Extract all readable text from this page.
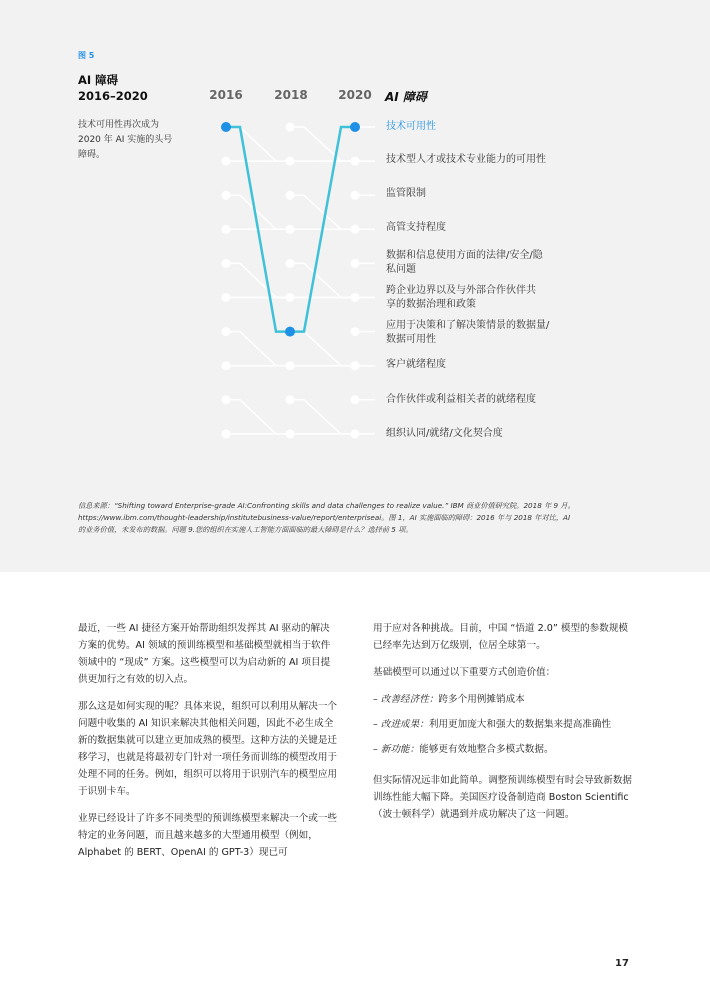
图 5
AI 障碍
2016–2020
技术可用性再次成为 2020 年 AI 实施的头号障碍。
2016	2018	2020	AI 障碍
技术可用性
技术型人才或技术专业能力的可用性
监管限制
高管支持程度
数据和信息使用方面的法律/安全/隐私问题
跨企业边界以及与外部合作伙伴共享的数据治理和政策
应用于决策和了解决策情景的数据量/数据可用性
客户就绪程度
合作伙伴或利益相关者的就绪程度
组织认同/就绪/文化契合度
信息来源：“Shifting toward Enterprise-grade AI:Confronting skills and data challenges to realize value.” IBM 商业价值研究院。2018 年 9 月。 https://www.ibm.com/thought-leadership/institutebusiness-value/report/enterpriseai。图 1，AI 实施面临的障碍：2016 年与 2018 年对比，AI 的业务价值，未发布的数据。问题 9.您的组织在实施人工智能方面面临的最大障碍是什么？选择前 5 项。

最近，一些 AI 捷径方案开始帮助组织发挥其 AI 驱动的解决方案的优势。AI 领域的预训练模型和基础模型就相当于软件领域中的 “现成” 方案。这些模型可以为启动新的 AI 项目提供更加行之有效的切入点。

那么这是如何实现的呢？具体来说，组织可以利用从解决一个问题中收集的 AI 知识来解决其他相关问题，因此不必生成全新的数据集就可以建立更加成熟的模型。这种方法的关键是迁移学习，也就是将最初专门针对一项任务而训练的模型改用于处理不同的任务。例如，组织可以将用于识别汽车的模型应用于识别卡车。

业界已经设计了许多不同类型的预训练模型来解决一个或一些特定的业务问题，而且越来越多的大型通用模型（例如，Alphabet 的 BERT、OpenAI 的 GPT-3）现已可

用于应对各种挑战。目前，中国 “悟道 2.0” 模型的参数规模已经率先达到万亿级别，位居全球第一。

基础模型可以通过以下重要方式创造价值：

– 改善经济性：跨多个用例摊销成本
– 改进成果：利用更加庞大和强大的数据集来提高准确性
– 新功能：能够更有效地整合多模式数据。

但实际情况远非如此简单。调整预训练模型有时会导致新数据训练性能大幅下降。美国医疗设备制造商 Boston Scientific（波士顿科学）就遇到并成功解决了这一问题。

17
